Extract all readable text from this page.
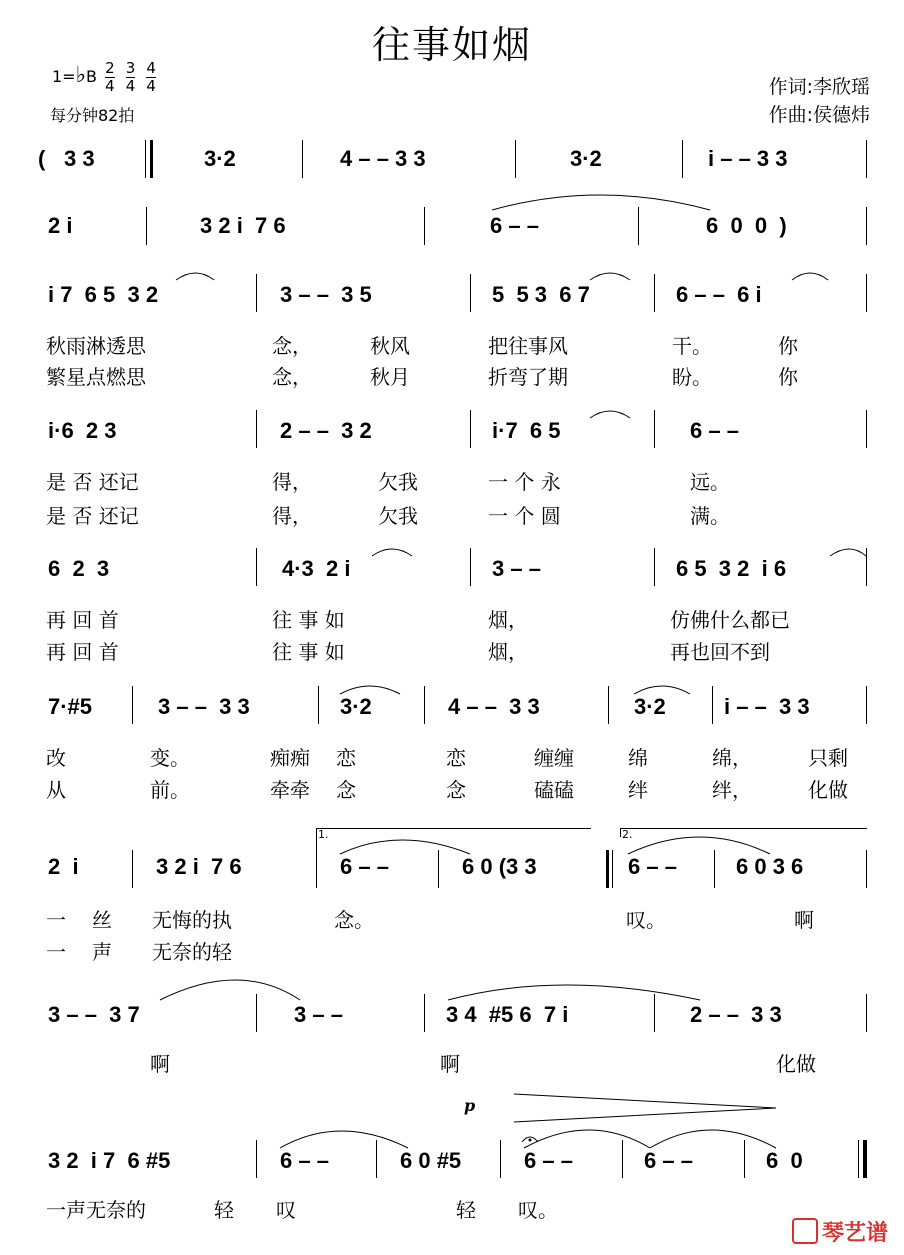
往事如烟
1=♭B $\frac{2}{4}$
$\frac{3}{4}$
$\frac{4}{4}$
每分钟82拍
作词:李欣瑶
作曲:侯德炜
( 3 3	3·2	4 – – 3 3	3·2	i – – 3 3
2 i	3 2 i  7 6	6 – –	6  0  0  )
i 7  6 5  3 2	3 – –  3 5	5  5 3  6 7	6 – –  6 i
秋雨淋透思	念，	秋风	把往事风	干。	你
繁星点燃思	念，	秋月	折弯了期	盼。	你
i·6  2 3	2 – –  3 2	i·7  6 5	6 – –
是 否 还记	得，	欠我	一 个 永	远。
是 否 还记	得，	欠我	一 个 圆	满。
6  2  3	4·3  2 i	3 – –	6 5  3 2  i 6
再 回 首	往 事 如	烟，	仿佛什么都已
再 回 首	往 事 如	烟，	再也回不到
7·#5	3 – –  3 3	3·2	4 – –  3 3	3·2	i – –  3 3
改	变。	痴痴 恋	恋	缠缠	绵	绵，	只剩
从	前。	牵牵 念	念	磕磕	绊	绊，	化做
1.	2.
2  i	3 2 i  7 6	6 – –	6 0 (3 3	6 – –	6 0 3 6
一 丝 无悔的执	念。	叹。	啊
一 声 无奈的轻
3 – –  3 7	3 – –	3 4  #5 6  7 i	2 – –  3 3
啊	啊	化做
p
3 2  i 7  6 #5	6 – –	6 0 #5	6 – –	6 – –	6  0
一声无奈的	轻 叹	轻 叹。
琴艺谱
